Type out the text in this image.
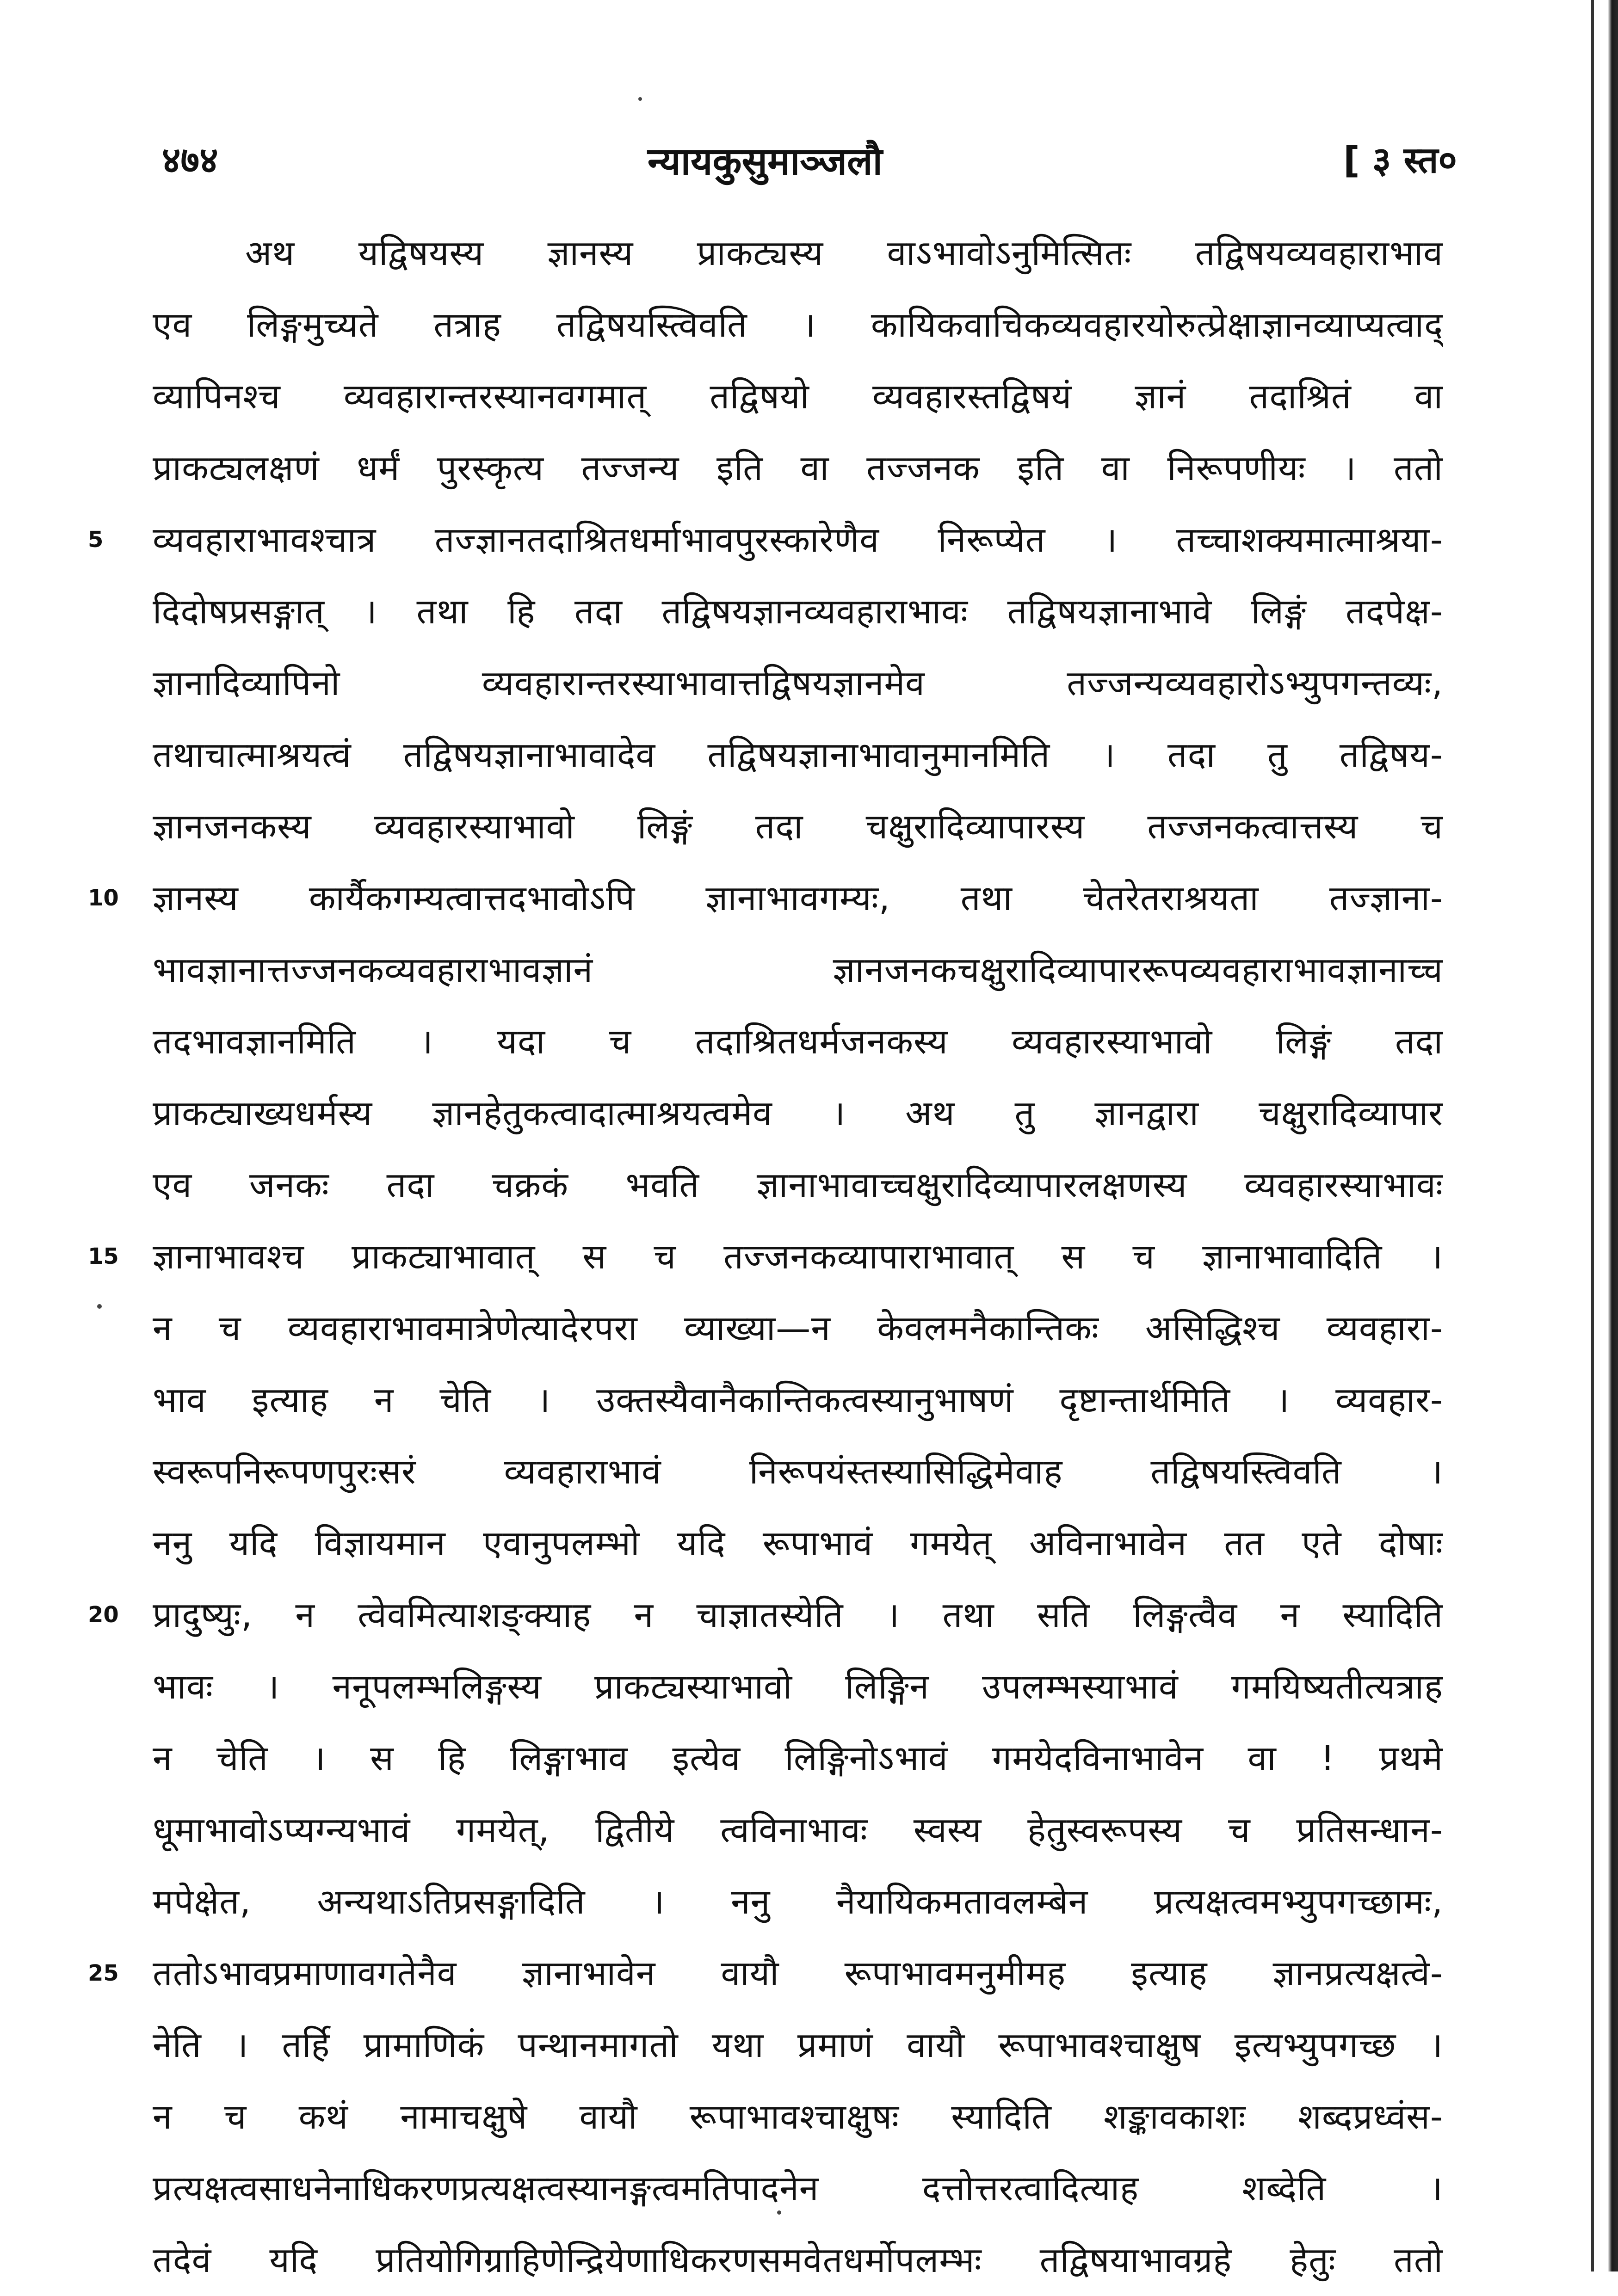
४७४	न्यायकुसुमाञ्जलौ	[ ३ स्त०
5
10
15
20
25
अथ यद्विषयस्य ज्ञानस्य प्राकट्यस्य वाऽभावोऽनुमित्सितः तद्विषयव्यवहाराभाव
एव लिङ्गमुच्यते तत्राह तद्विषयस्त्विवति । कायिकवाचिकव्यवहारयोरुत्प्रेक्षाज्ञानव्याप्यत्वाद्
व्यापिनश्च व्यवहारान्तरस्यानवगमात् तद्विषयो व्यवहारस्तद्विषयं ज्ञानं तदाश्रितं वा
प्राकट्यलक्षणं धर्मं पुरस्कृत्य तज्जन्य इति वा तज्जनक इति वा निरूपणीयः । ततो
व्यवहाराभावश्चात्र तज्ज्ञानतदाश्रितधर्माभावपुरस्कारेणैव निरूप्येत । तच्चाशक्यमात्माश्रया-
दिदोषप्रसङ्गात् । तथा हि तदा तद्विषयज्ञानव्यवहाराभावः तद्विषयज्ञानाभावे लिङ्गं तदपेक्ष-
ज्ञानादिव्यापिनो व्यवहारान्तरस्याभावात्तद्विषयज्ञानमेव तज्जन्यव्यवहारोऽभ्युपगन्तव्यः,
तथाचात्माश्रयत्वं तद्विषयज्ञानाभावादेव तद्विषयज्ञानाभावानुमानमिति । तदा तु तद्विषय-
ज्ञानजनकस्य व्यवहारस्याभावो लिङ्गं तदा चक्षुरादिव्यापारस्य तज्जनकत्वात्तस्य च
ज्ञानस्य कार्यैकगम्यत्वात्तदभावोऽपि ज्ञानाभावगम्यः, तथा चेतरेतराश्रयता तज्ज्ञाना-
भावज्ञानात्तज्जनकव्यवहाराभावज्ञानं ज्ञानजनकचक्षुरादिव्यापाररूपव्यवहाराभावज्ञानाच्च
तदभावज्ञानमिति । यदा च तदाश्रितधर्मजनकस्य व्यवहारस्याभावो लिङ्गं तदा
प्राकट्याख्यधर्मस्य ज्ञानहेतुकत्वादात्माश्रयत्वमेव । अथ तु ज्ञानद्वारा चक्षुरादिव्यापार
एव जनकः तदा चक्रकं भवति ज्ञानाभावाच्चक्षुरादिव्यापारलक्षणस्य व्यवहारस्याभावः
ज्ञानाभावश्च प्राकट्याभावात् स च तज्जनकव्यापाराभावात् स च ज्ञानाभावादिति ।
न च व्यवहाराभावमात्रेणेत्यादेरपरा व्याख्या—न केवलमनैकान्तिकः असिद्धिश्च व्यवहारा-
भाव इत्याह न चेति । उक्तस्यैवानैकान्तिकत्वस्यानुभाषणं दृष्टान्तार्थमिति । व्यवहार-
स्वरूपनिरूपणपुरःसरं व्यवहाराभावं निरूपयंस्तस्यासिद्धिमेवाह तद्विषयस्त्विवति ।
ननु यदि विज्ञायमान एवानुपलम्भो यदि रूपाभावं गमयेत् अविनाभावेन तत एते दोषाः
प्रादुष्युः, न त्वेवमित्याशङ्क्याह न चाज्ञातस्येति । तथा सति लिङ्गत्वैव न स्यादिति
भावः । ननूपलम्भलिङ्गस्य प्राकट्यस्याभावो लिङ्गिन उपलम्भस्याभावं गमयिष्यतीत्यत्राह
न चेति । स हि लिङ्गाभाव इत्येव लिङ्गिनोऽभावं गमयेदविनाभावेन वा ! प्रथमे
धूमाभावोऽप्यग्न्यभावं गमयेत्, द्वितीये त्वविनाभावः स्वस्य हेतुस्वरूपस्य च प्रतिसन्धान-
मपेक्षेत, अन्यथाऽतिप्रसङ्गादिति । ननु नैयायिकमतावलम्बेन प्रत्यक्षत्वमभ्युपगच्छामः,
ततोऽभावप्रमाणावगतेनैव ज्ञानाभावेन वायौ रूपाभावमनुमीमह इत्याह ज्ञानप्रत्यक्षत्वे-
नेति । तर्हि प्रामाणिकं पन्थानमागतो यथा प्रमाणं वायौ रूपाभावश्चाक्षुष इत्यभ्युपगच्छ ।
न च कथं नामाचक्षुषे वायौ रूपाभावश्चाक्षुषः स्यादिति शङ्कावकाशः शब्दप्रध्वंस-
प्रत्यक्षत्वसाधनेनाधिकरणप्रत्यक्षत्वस्यानङ्गत्वमतिपादनेन दत्तोत्तरत्वादित्याह शब्देति ।
तदेवं यदि प्रतियोगिग्राहिणेन्द्रियेणाधिकरणसमवेतधर्मोपलम्भः तद्विषयाभावग्रहे हेतुः ततो
